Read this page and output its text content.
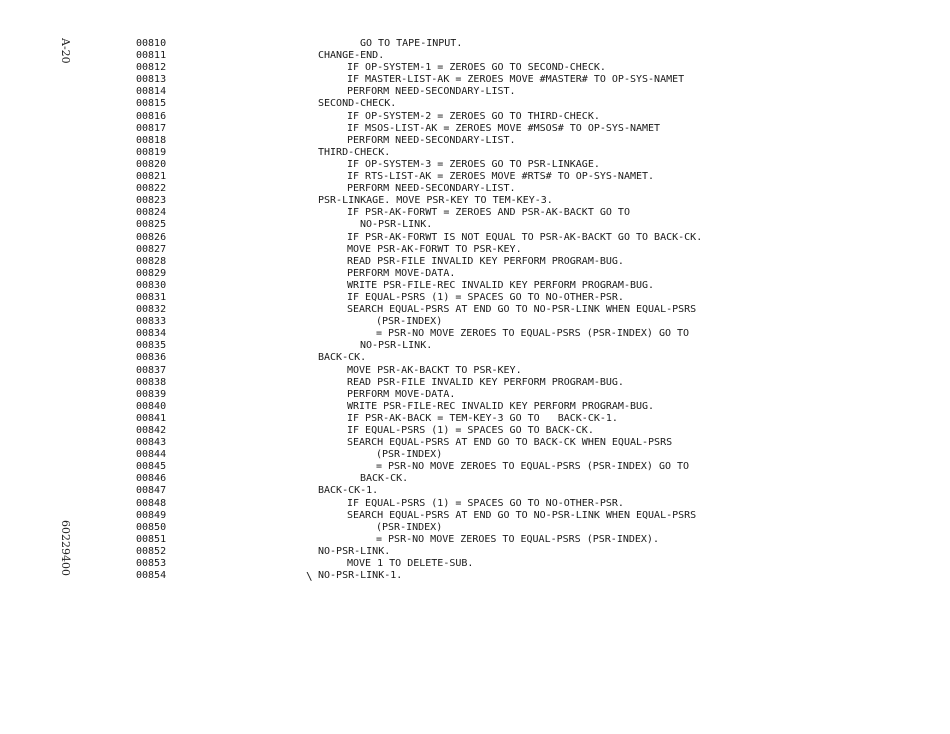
A-20
60229400
00810	GO TO TAPE-INPUT.
00811	CHANGE-END.
00812	IF OP-SYSTEM-1 = ZEROES GO TO SECOND-CHECK.
00813	IF MASTER-LIST-AK = ZEROES MOVE #MASTER# TO OP-SYS-NAMET
00814	PERFORM NEED-SECONDARY-LIST.
00815	SECOND-CHECK.
00816	IF OP-SYSTEM-2 = ZEROES GO TO THIRD-CHECK.
00817	IF MSOS-LIST-AK = ZEROES MOVE #MSOS# TO OP-SYS-NAMET
00818	PERFORM NEED-SECONDARY-LIST.
00819	THIRD-CHECK.
00820	IF OP-SYSTEM-3 = ZEROES GO TO PSR-LINKAGE.
00821	IF RTS-LIST-AK = ZEROES MOVE #RTS# TO OP-SYS-NAMET.
00822	PERFORM NEED-SECONDARY-LIST.
00823	PSR-LINKAGE. MOVE PSR-KEY TO TEM-KEY-3.
00824	IF PSR-AK-FORWT = ZEROES AND PSR-AK-BACKT GO TO
00825	NO-PSR-LINK.
00826	IF PSR-AK-FORWT IS NOT EQUAL TO PSR-AK-BACKT GO TO BACK-CK.
00827	MOVE PSR-AK-FORWT TO PSR-KEY.
00828	READ PSR-FILE INVALID KEY PERFORM PROGRAM-BUG.
00829	PERFORM MOVE-DATA.
00830	WRITE PSR-FILE-REC INVALID KEY PERFORM PROGRAM-BUG.
00831	IF EQUAL-PSRS (1) = SPACES GO TO NO-OTHER-PSR.
00832	SEARCH EQUAL-PSRS AT END GO TO NO-PSR-LINK WHEN EQUAL-PSRS
00833	(PSR-INDEX)
00834	= PSR-NO MOVE ZEROES TO EQUAL-PSRS (PSR-INDEX) GO TO
00835	NO-PSR-LINK.
00836	BACK-CK.
00837	MOVE PSR-AK-BACKT TO PSR-KEY.
00838	READ PSR-FILE INVALID KEY PERFORM PROGRAM-BUG.
00839	PERFORM MOVE-DATA.
00840	WRITE PSR-FILE-REC INVALID KEY PERFORM PROGRAM-BUG.
00841	IF PSR-AK-BACK = TEM-KEY-3 GO TO   BACK-CK-1.
00842	IF EQUAL-PSRS (1) = SPACES GO TO BACK-CK.
00843	SEARCH EQUAL-PSRS AT END GO TO BACK-CK WHEN EQUAL-PSRS
00844	(PSR-INDEX)
00845	= PSR-NO MOVE ZEROES TO EQUAL-PSRS (PSR-INDEX) GO TO
00846	BACK-CK.
00847	BACK-CK-1.
00848	IF EQUAL-PSRS (1) = SPACES GO TO NO-OTHER-PSR.
00849	SEARCH EQUAL-PSRS AT END GO TO NO-PSR-LINK WHEN EQUAL-PSRS
00850	(PSR-INDEX)
00851	= PSR-NO MOVE ZEROES TO EQUAL-PSRS (PSR-INDEX).
00852	NO-PSR-LINK.
00853	MOVE 1 TO DELETE-SUB.
00854	NO-PSR-LINK-1.
\
